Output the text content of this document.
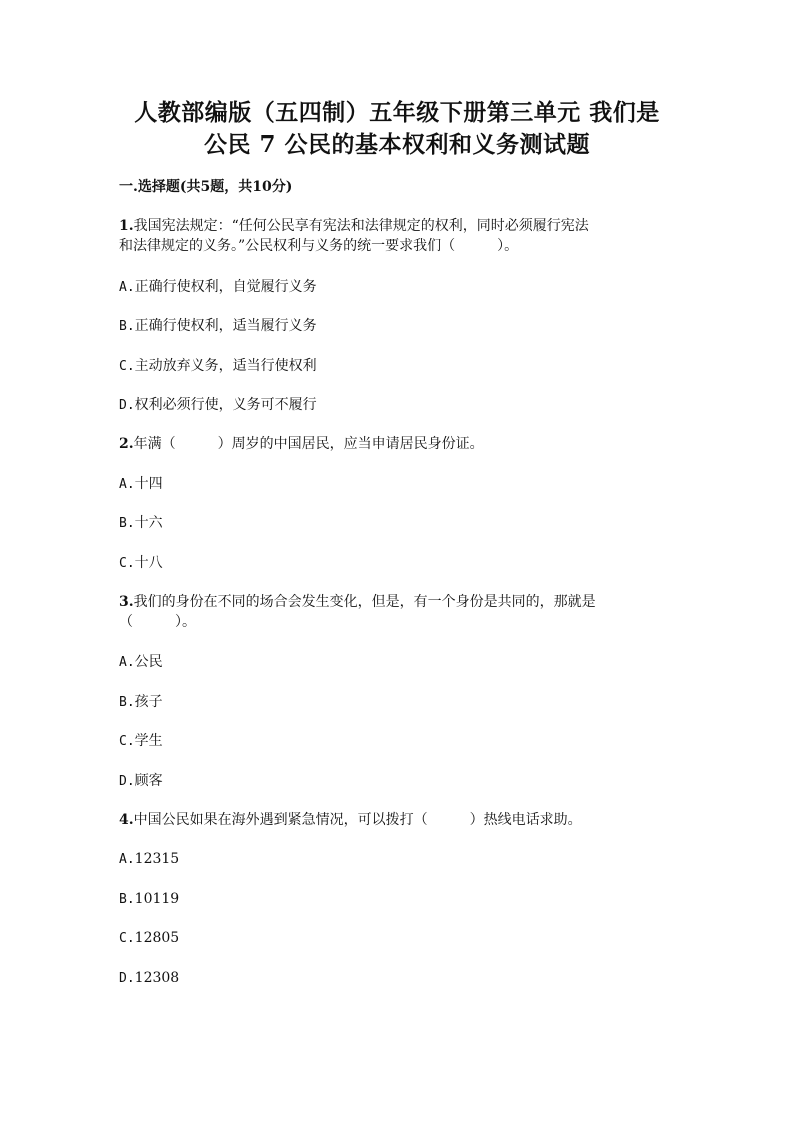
人教部编版（五四制）五年级下册第三单元 我们是
公民 7 公民的基本权利和义务测试题
一.选择题(共5题，共10分)
1.我国宪法规定：“任何公民享有宪法和法律规定的权利，同时必须履行宪法
和法律规定的义务。”公民权利与义务的统一要求我们（　　　）。
A.正确行使权利，自觉履行义务
B.正确行使权利，适当履行义务
C.主动放弃义务，适当行使权利
D.权利必须行使，义务可不履行
2.年满（　　　）周岁的中国居民，应当申请居民身份证。
A.十四
B.十六
C.十八
3.我们的身份在不同的场合会发生变化，但是，有一个身份是共同的，那就是
（　　　）。
A.公民
B.孩子
C.学生
D.顾客
4.中国公民如果在海外遇到紧急情况，可以拨打（　　　）热线电话求助。
A.12315
B.10119
C.12805
D.12308
